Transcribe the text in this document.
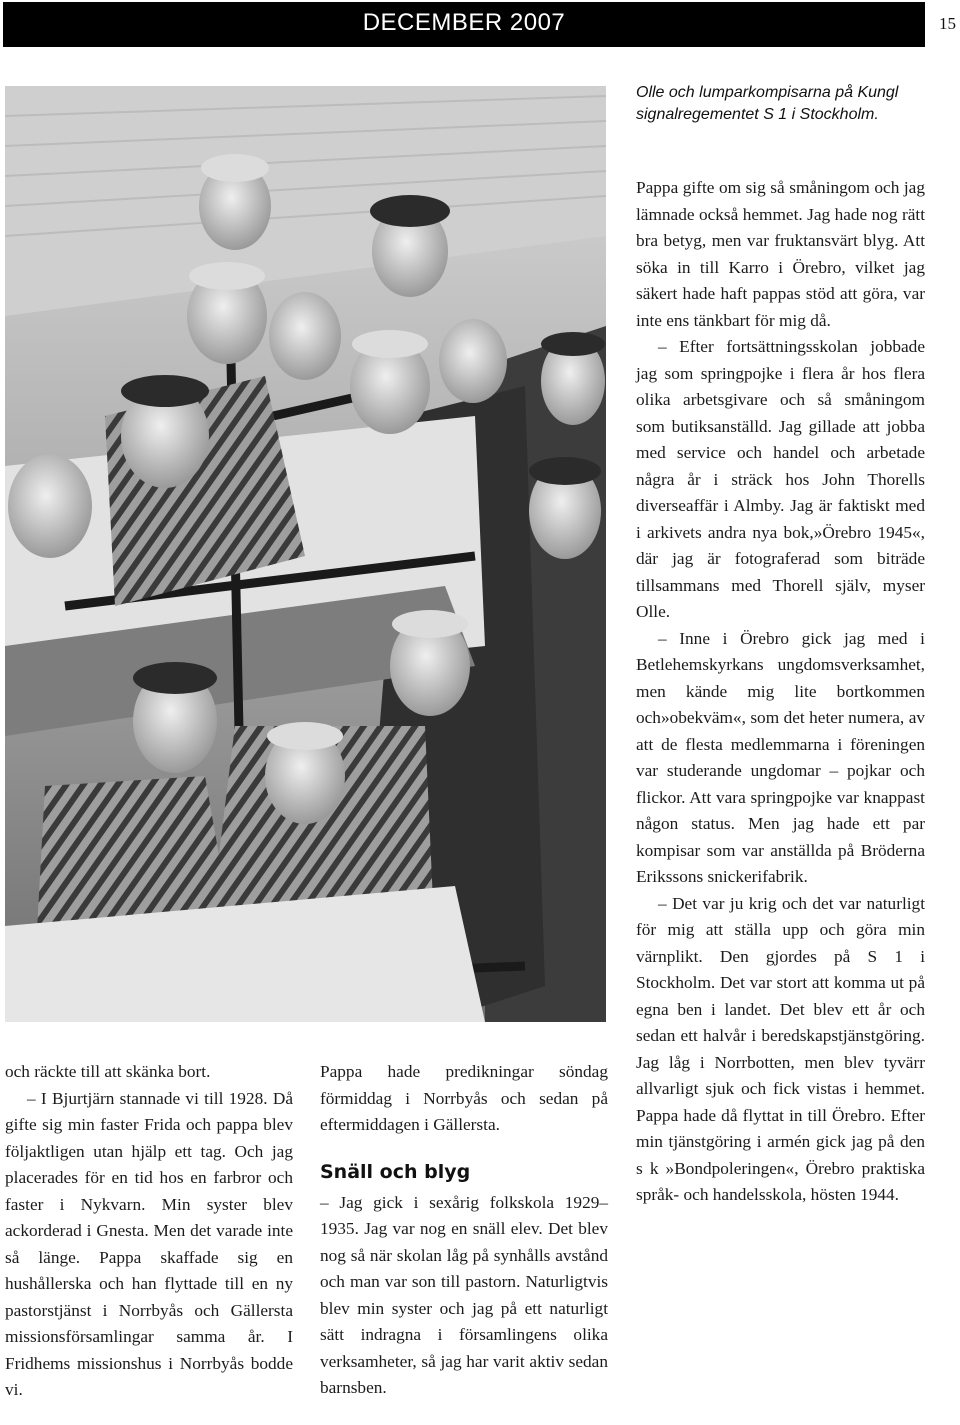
DECEMBER 2007	15
Olle och lumparkompisarna på Kungl signalregementet S 1 i Stockholm.

och räckte till att skänka bort.

– I Bjurtjärn stannade vi till 1928. Då gifte sig min faster Frida och pappa blev följaktligen utan hjälp ett tag. Och jag placerades för en tid hos en farbror och faster i Nykvarn. Min syster blev ackorderad i Gnesta. Men det varade inte så länge. Pappa skaffade sig en hushållerska och han flyttade till en ny pastorstjänst i Norrbyås och Gällersta missionsförsamlingar samma år. I Fridhems missionshus i Norrbyås bodde vi.

Pappa hade predikningar söndag förmiddag i Norrbyås och sedan på eftermiddagen i Gällersta.

Snäll och blyg

– Jag gick i sexårig folkskola 1929–1935. Jag var nog en snäll elev. Det blev nog så när skolan låg på synhålls avstånd och man var son till pastorn. Naturligtvis blev min syster och jag på ett naturligt sätt indragna i församlingens olika verksamheter, så jag har varit aktiv sedan barnsben.

Pappa gifte om sig så småningom och jag lämnade också hemmet. Jag hade nog rätt bra betyg, men var fruktansvärt blyg. Att söka in till Karro i Örebro, vilket jag säkert hade haft pappas stöd att göra, var inte ens tänkbart för mig då.

– Efter fortsättningsskolan jobbade jag som springpojke i flera år hos flera olika arbetsgivare och så småningom som butiksanställd. Jag gillade att jobba med service och handel och arbetade några år i sträck hos John Thorells diverseaffär i Almby. Jag är faktiskt med i arkivets andra nya bok,»Örebro 1945«, där jag är fotograferad som biträde tillsammans med Thorell själv, myser Olle.

– Inne i Örebro gick jag med i Betlehemskyrkans ungdomsverksamhet, men kände mig lite bortkommen och»obekväm«, som det heter numera, av att de flesta medlemmarna i föreningen var studerande ungdomar – pojkar och flickor. Att vara springpojke var knappast någon status. Men jag hade ett par kompisar som var anställda på Bröderna Erikssons snickerifabrik.

– Det var ju krig och det var naturligt för mig att ställa upp och göra min värnplikt. Den gjordes på S 1 i Stockholm. Det var stort att komma ut på egna ben i landet. Det blev ett år och sedan ett halvår i beredskapstjänstgöring. Jag låg i Norrbotten, men blev tyvärr allvarligt sjuk och fick vistas i hemmet. Pappa hade då flyttat in till Örebro. Efter min tjänstgöring i armén gick jag på den s k »Bondpoleringen«, Örebro praktiska språk- och handelsskola, hösten 1944.
